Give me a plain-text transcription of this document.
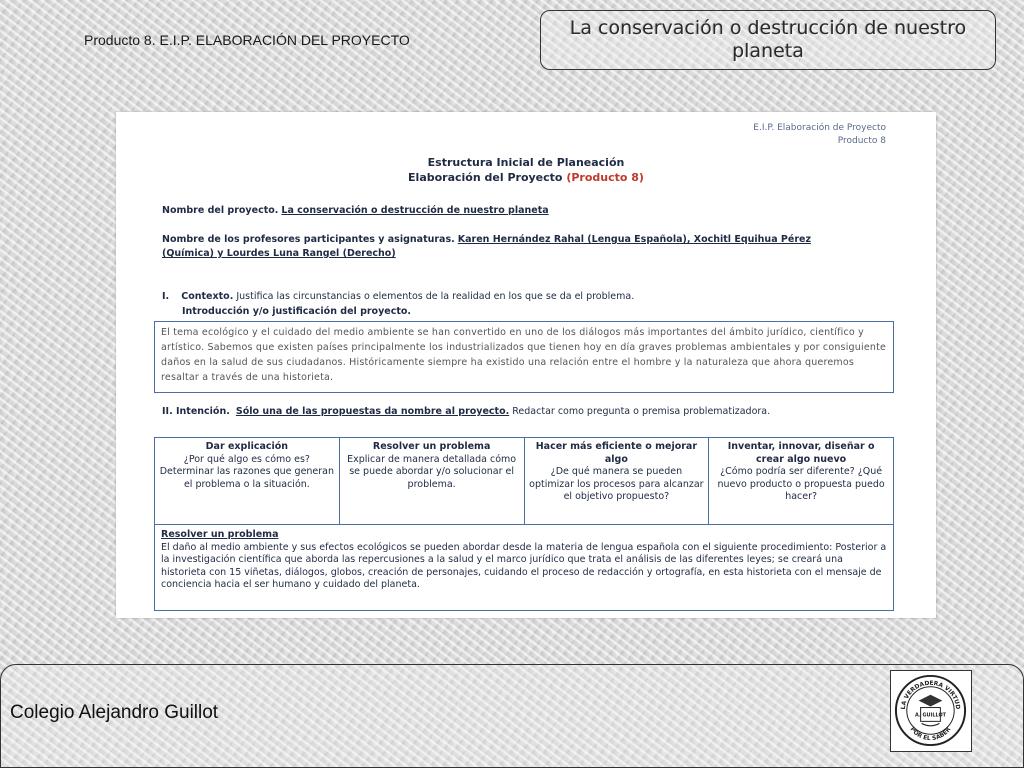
Producto 8. E.I.P. ELABORACIÓN DEL PROYECTO
La conservación o destrucción de nuestro planeta
E.I.P. Elaboración de Proyecto
Producto 8
Estructura Inicial de Planeación
Elaboración del Proyecto (Producto 8)
Nombre del proyecto. La conservación o destrucción de nuestro planeta
Nombre de los profesores participantes y asignaturas. Karen Hernández Rahal (Lengua Española), Xochitl Equihua Pérez
(Química) y Lourdes Luna Rangel (Derecho)
I. Contexto. Justifica las circunstancias o elementos de la realidad en los que se da el problema.
Introducción y/o justificación del proyecto.
El tema ecológico y el cuidado del medio ambiente se han convertido en uno de los diálogos más importantes del ámbito jurídico, científico y artístico. Sabemos que existen países principalmente los industrializados que tienen hoy en día graves problemas ambientales y por consiguiente daños en la salud de sus ciudadanos. Históricamente siempre ha existido una relación entre el hombre y la naturaleza que ahora queremos resaltar a través de una historieta.
II. Intención. Sólo una de las propuestas da nombre al proyecto. Redactar como pregunta o premisa problematizadora.
Dar explicación
¿Por qué algo es cómo es? Determinar las razones que generan el problema o la situación.
Resolver un problema
Explicar de manera detallada cómo se puede abordar y/o solucionar el problema.
Hacer más eficiente o mejorar algo
¿De qué manera se pueden optimizar los procesos para alcanzar el objetivo propuesto?
Inventar, innovar, diseñar o crear algo nuevo
¿Cómo podría ser diferente? ¿Qué nuevo producto o propuesta puedo hacer?
Resolver un problema
El daño al medio ambiente y sus efectos ecológicos se pueden abordar desde la materia de lengua española con el siguiente procedimiento: Posterior a la investigación científica que aborda las repercusiones a la salud y el marco jurídico que trata el análisis de las diferentes leyes; se creará una historieta con 15 viñetas, diálogos, globos, creación de personajes, cuidando el proceso de redacción y ortografía, en esta historieta con el mensaje de conciencia hacia el ser humano y cuidado del planeta.
Colegio Alejandro Guillot	LA VERDADERA VIRTUD
POR EL SABER
A. GUILLOT
